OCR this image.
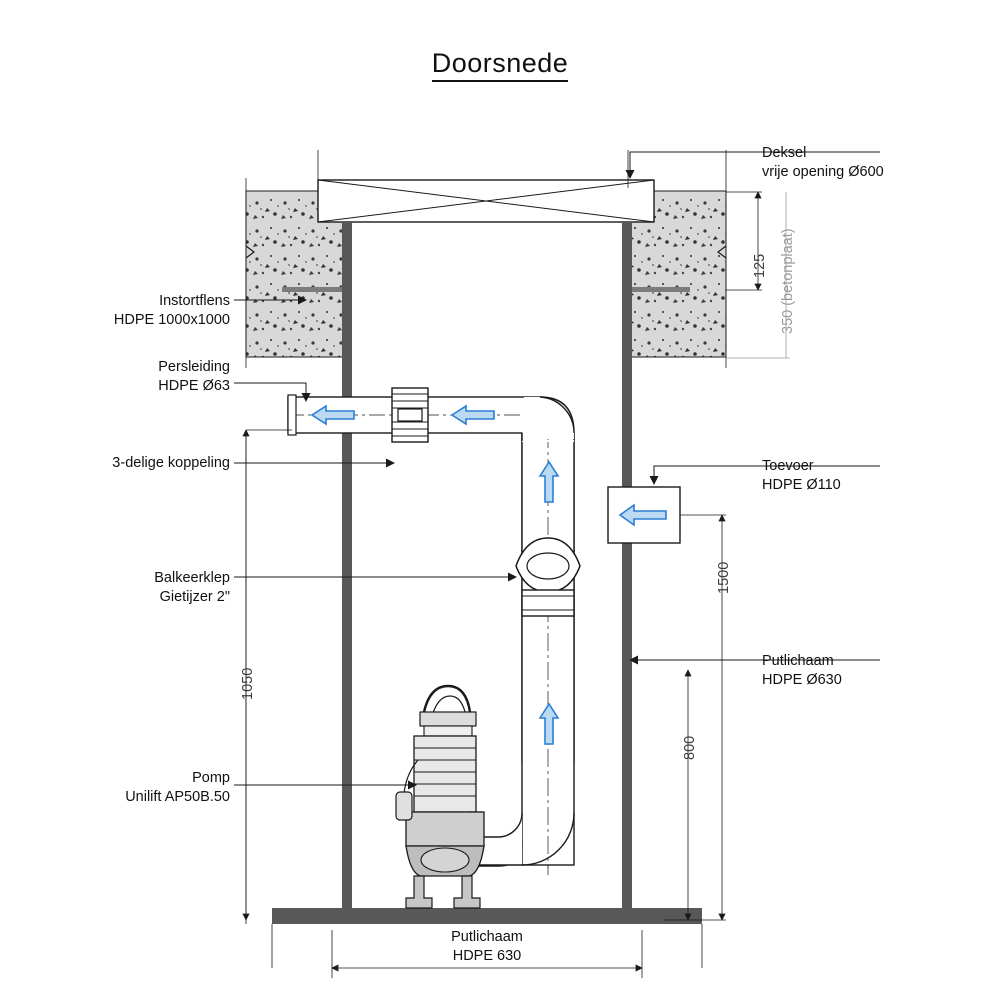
Doorsnede
Instortflens
HDPE 1000x1000
Persleiding
HDPE Ø63
3-delige koppeling
Balkeerklep
Gietijzer 2"
Pomp
Unilift AP50B.50
Deksel
vrije opening Ø600
Toevoer
HDPE Ø110
Putlichaam
HDPE Ø630
Putlichaam
HDPE 630
125 350 (betonplaat)
1500
800
1050
